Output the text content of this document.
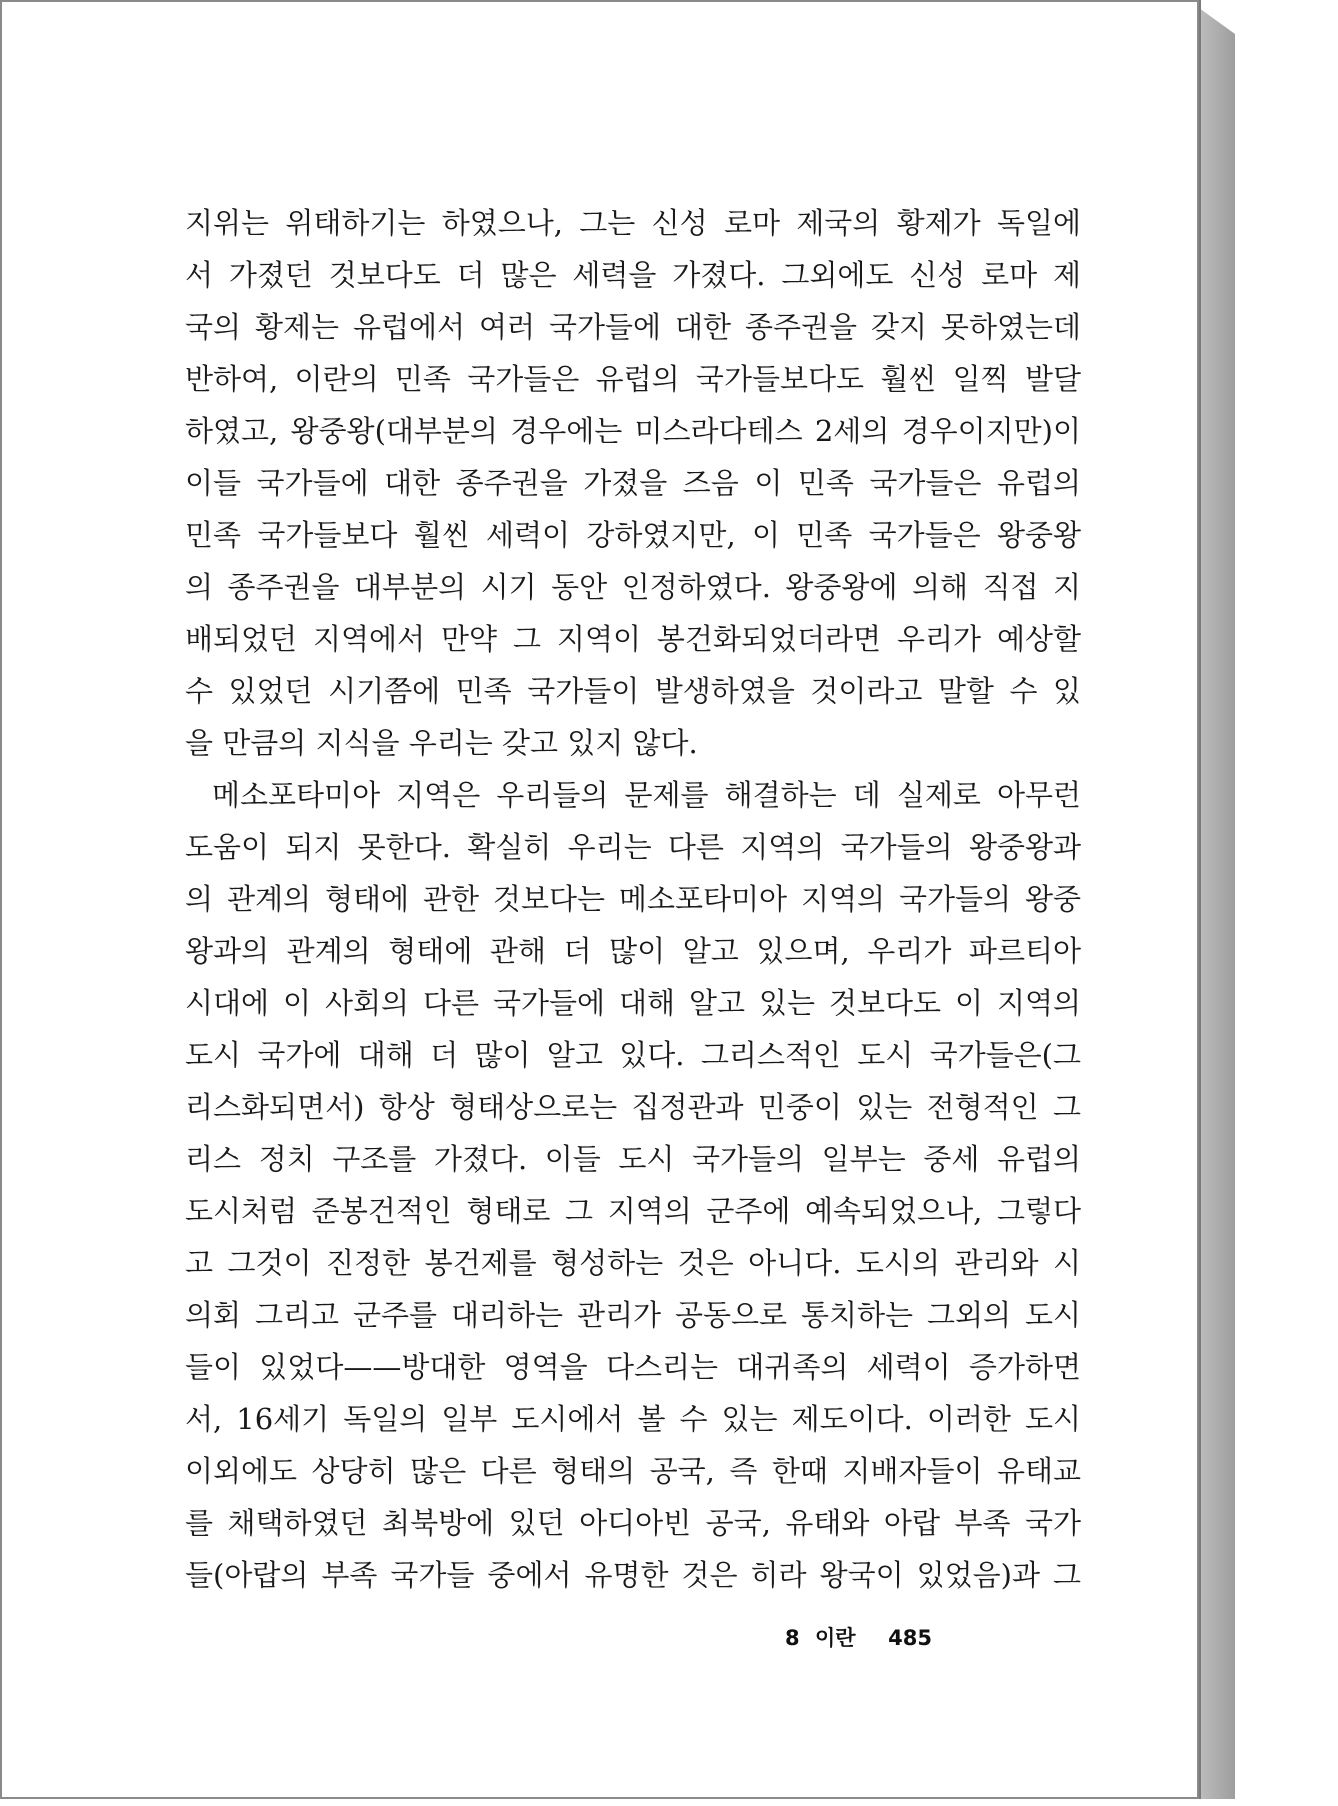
지위는 위태하기는 하였으나, 그는 신성 로마 제국의 황제가 독일에
서 가졌던 것보다도 더 많은 세력을 가졌다. 그외에도 신성 로마 제
국의 황제는 유럽에서 여러 국가들에 대한 종주권을 갖지 못하였는데
반하여, 이란의 민족 국가들은 유럽의 국가들보다도 훨씬 일찍 발달
하였고, 왕중왕(대부분의 경우에는 미스라다테스 2세의 경우이지만)이
이들 국가들에 대한 종주권을 가졌을 즈음 이 민족 국가들은 유럽의
민족 국가들보다 훨씬 세력이 강하였지만, 이 민족 국가들은 왕중왕
의 종주권을 대부분의 시기 동안 인정하였다. 왕중왕에 의해 직접 지
배되었던 지역에서 만약 그 지역이 봉건화되었더라면 우리가 예상할
수 있었던 시기쯤에 민족 국가들이 발생하였을 것이라고 말할 수 있
을 만큼의 지식을 우리는 갖고 있지 않다.
메소포타미아 지역은 우리들의 문제를 해결하는 데 실제로 아무런
도움이 되지 못한다. 확실히 우리는 다른 지역의 국가들의 왕중왕과
의 관계의 형태에 관한 것보다는 메소포타미아 지역의 국가들의 왕중
왕과의 관계의 형태에 관해 더 많이 알고 있으며, 우리가 파르티아
시대에 이 사회의 다른 국가들에 대해 알고 있는 것보다도 이 지역의
도시 국가에 대해 더 많이 알고 있다. 그리스적인 도시 국가들은(그
리스화되면서) 항상 형태상으로는 집정관과 민중이 있는 전형적인 그
리스 정치 구조를 가졌다. 이들 도시 국가들의 일부는 중세 유럽의
도시처럼 준봉건적인 형태로 그 지역의 군주에 예속되었으나, 그렇다
고 그것이 진정한 봉건제를 형성하는 것은 아니다. 도시의 관리와 시
의회 그리고 군주를 대리하는 관리가 공동으로 통치하는 그외의 도시
들이 있었다——방대한 영역을 다스리는 대귀족의 세력이 증가하면
서, 16세기 독일의 일부 도시에서 볼 수 있는 제도이다. 이러한 도시
이외에도 상당히 많은 다른 형태의 공국, 즉 한때 지배자들이 유태교
를 채택하였던 최북방에 있던 아디아빈 공국, 유태와 아랍 부족 국가
들(아랍의 부족 국가들 중에서 유명한 것은 히라 왕국이 있었음)과 그
8 이란 485
